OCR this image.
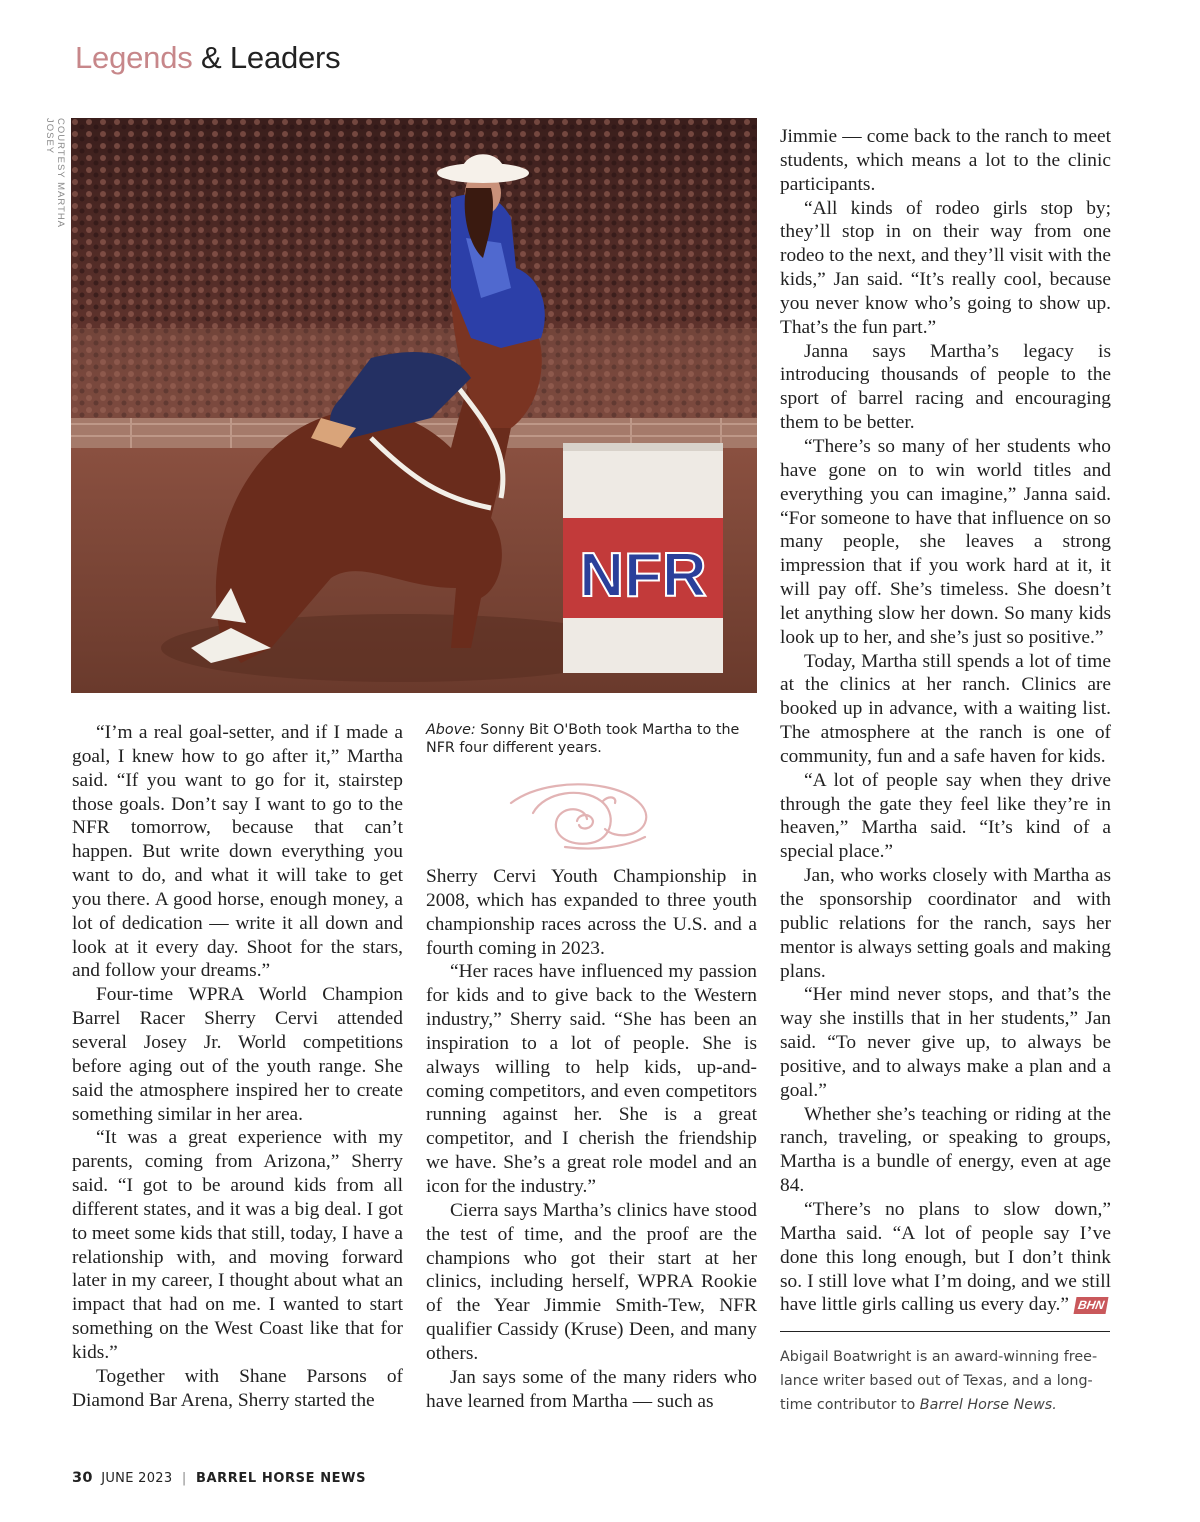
Legends & Leaders
COURTESY MARTHA JOSEY
NFR

“I’m a real goal-setter, and if I made a goal, I knew how to go after it,” Martha said. “If you want to go for it, stairstep those goals. Don’t say I want to go to the NFR tomorrow, because that can’t happen. But write down everything you want to do, and what it will take to get you there. A good horse, enough money, a lot of dedication — write it all down and look at it every day. Shoot for the stars, and follow your dreams.”

Four-time WPRA World Champion Barrel Racer Sherry Cervi attended several Josey Jr. World competitions before aging out of the youth range. She said the atmosphere inspired her to create something similar in her area.

“It was a great experience with my parents, coming from Arizona,” Sherry said. “I got to be around kids from all different states, and it was a big deal. I got to meet some kids that still, today, I have a relationship with, and moving forward later in my career, I thought about what an impact that had on me. I wanted to start something on the West Coast like that for kids.”

Together with Shane Parsons of Diamond Bar Arena, Sherry started the

Above: Sonny Bit O'Both took Martha to the NFR four different years.

Sherry Cervi Youth Championship in 2008, which has expanded to three youth championship races across the U.S. and a fourth coming in 2023.

“Her races have influenced my passion for kids and to give back to the Western industry,” Sherry said. “She has been an inspiration to a lot of people. She is always willing to help kids, up-and-coming competitors, and even competitors running against her. She is a great competitor, and I cherish the friendship we have. She’s a great role model and an icon for the industry.”

Cierra says Martha’s clinics have stood the test of time, and the proof are the champions who got their start at her clinics, including herself, WPRA Rookie of the Year Jimmie Smith-Tew, NFR qualifier Cassidy (Kruse) Deen, and many others.

Jan says some of the many riders who have learned from Martha — such as

Jimmie — come back to the ranch to meet students, which means a lot to the clinic participants.

“All kinds of rodeo girls stop by; they’ll stop in on their way from one rodeo to the next, and they’ll visit with the kids,” Jan said. “It’s really cool, because you never know who’s going to show up. That’s the fun part.”

Janna says Martha’s legacy is introducing thousands of people to the sport of barrel racing and encouraging them to be better.

“There’s so many of her students who have gone on to win world titles and everything you can imagine,” Janna said. “For someone to have that influence on so many people, she leaves a strong impression that if you work hard at it, it will pay off. She’s timeless. She doesn’t let anything slow her down. So many kids look up to her, and she’s just so positive.”

Today, Martha still spends a lot of time at the clinics at her ranch. Clinics are booked up in advance, with a waiting list. The atmosphere at the ranch is one of community, fun and a safe haven for kids.

“A lot of people say when they drive through the gate they feel like they’re in heaven,” Martha said. “It’s kind of a special place.”

Jan, who works closely with Martha as the sponsorship coordinator and with public relations for the ranch, says her mentor is always setting goals and making plans.

“Her mind never stops, and that’s the way she instills that in her students,” Jan said. “To never give up, to always be positive, and to always make a plan and a goal.”

Whether she’s teaching or riding at the ranch, traveling, or speaking to groups, Martha is a bundle of energy, even at age 84.

“There’s no plans to slow down,” Martha said. “A lot of people say I’ve done this long enough, but I don’t think so. I still love what I’m doing, and we still have little girls calling us every day.” BHN

Abigail Boatwright is an award-winning free-lance writer based out of Texas, and a long-time contributor to Barrel Horse News.
30 JUNE 2023 | BARREL HORSE NEWS
